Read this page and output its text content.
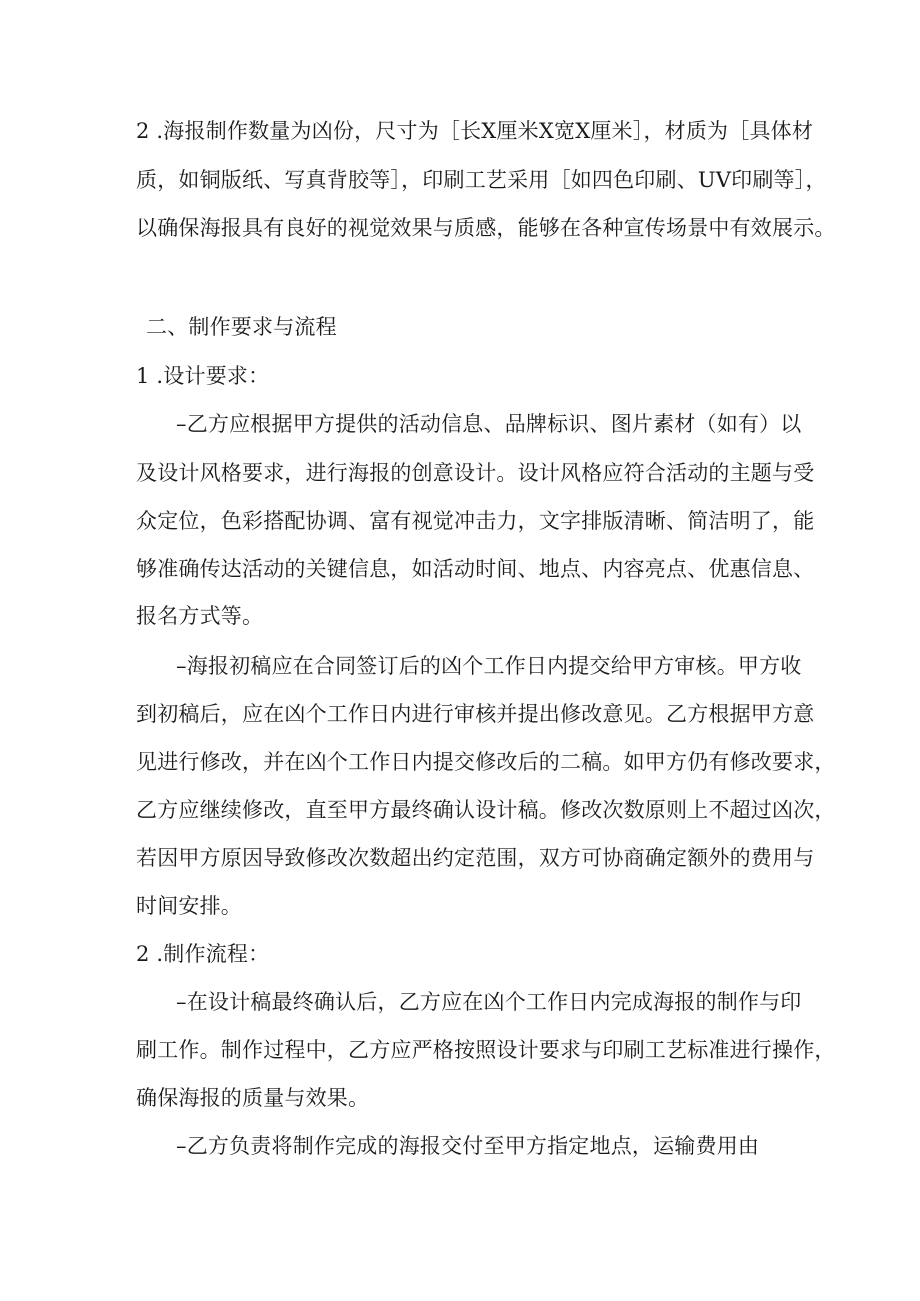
2 .海报制作数量为凶份，尺寸为［长X厘米X宽X厘米］，材质为［具体材
质，如铜版纸、写真背胶等］，印刷工艺采用［如四色印刷、UV印刷等］，
以确保海报具有良好的视觉效果与质感，能够在各种宣传场景中有效展示。
二、制作要求与流程
1 .设计要求：
–乙方应根据甲方提供的活动信息、品牌标识、图片素材（如有）以
及设计风格要求，进行海报的创意设计。设计风格应符合活动的主题与受
众定位，色彩搭配协调、富有视觉冲击力，文字排版清晰、简洁明了，能
够准确传达活动的关键信息，如活动时间、地点、内容亮点、优惠信息、
报名方式等。
–海报初稿应在合同签订后的凶个工作日内提交给甲方审核。甲方收
到初稿后，应在凶个工作日内进行审核并提出修改意见。乙方根据甲方意
见进行修改，并在凶个工作日内提交修改后的二稿。如甲方仍有修改要求，
乙方应继续修改，直至甲方最终确认设计稿。修改次数原则上不超过凶次，
若因甲方原因导致修改次数超出约定范围，双方可协商确定额外的费用与
时间安排。
2 .制作流程：
–在设计稿最终确认后，乙方应在凶个工作日内完成海报的制作与印
刷工作。制作过程中，乙方应严格按照设计要求与印刷工艺标准进行操作，
确保海报的质量与效果。
–乙方负责将制作完成的海报交付至甲方指定地点，运输费用由
